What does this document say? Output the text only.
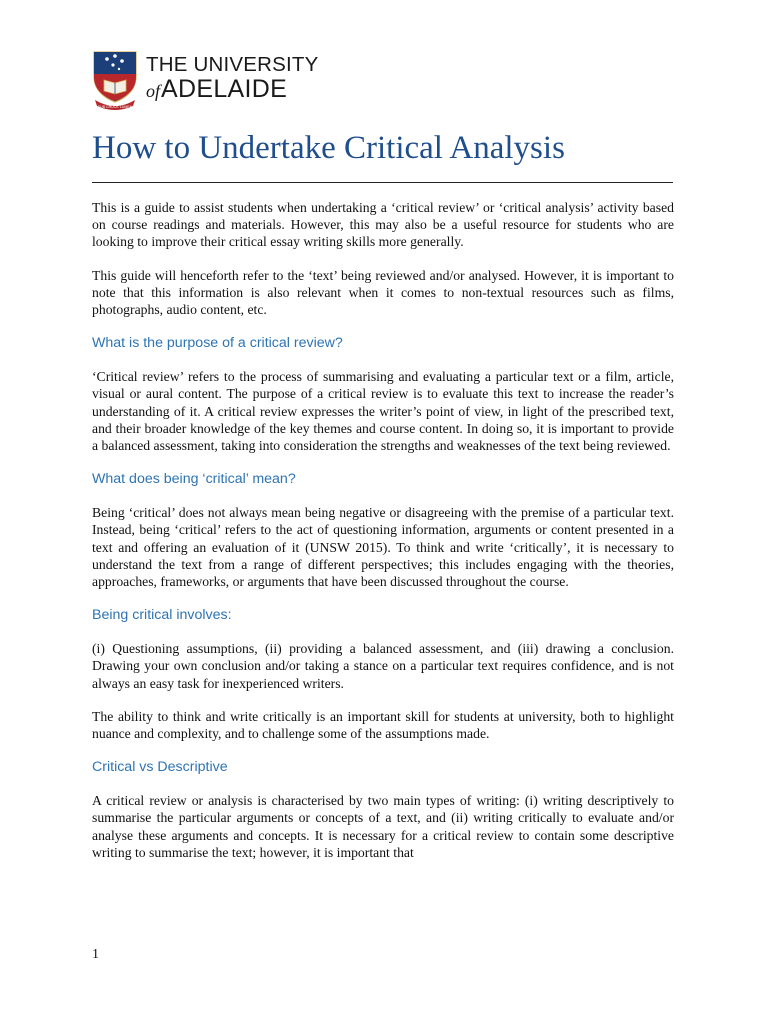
SUB CRUCE LUMEN
THE UNIVERSITY
ofADELAIDE
How to Undertake Critical Analysis

This is a guide to assist students when undertaking a ‘critical review’ or ‘critical analysis’ activity based on course readings and materials. However, this may also be a useful resource for students who are looking to improve their critical essay writing skills more generally.

This guide will henceforth refer to the ‘text’ being reviewed and/or analysed. However, it is important to note that this information is also relevant when it comes to non-textual resources such as films, photographs, audio content, etc.

What is the purpose of a critical review?

‘Critical review’ refers to the process of summarising and evaluating a particular text or a film, article, visual or aural content. The purpose of a critical review is to evaluate this text to increase the reader’s understanding of it. A critical review expresses the writer’s point of view, in light of the prescribed text, and their broader knowledge of the key themes and course content. In doing so, it is important to provide a balanced assessment, taking into consideration the strengths and weaknesses of the text being reviewed.

What does being ‘critical’ mean?

Being ‘critical’ does not always mean being negative or disagreeing with the premise of a particular text. Instead, being ‘critical’ refers to the act of questioning information, arguments or content presented in a text and offering an evaluation of it (UNSW 2015). To think and write ‘critically’, it is necessary to understand the text from a range of different perspectives; this includes engaging with the theories, approaches, frameworks, or arguments that have been discussed throughout the course.

Being critical involves:

(i) Questioning assumptions, (ii) providing a balanced assessment, and (iii) drawing a conclusion. Drawing your own conclusion and/or taking a stance on a particular text requires confidence, and is not always an easy task for inexperienced writers.

The ability to think and write critically is an important skill for students at university, both to highlight nuance and complexity, and to challenge some of the assumptions made.

Critical vs Descriptive

A critical review or analysis is characterised by two main types of writing: (i) writing descriptively to summarise the particular arguments or concepts of a text, and (ii) writing critically to evaluate and/or analyse these arguments and concepts. It is necessary for a critical review to contain some descriptive writing to summarise the text; however, it is important that

1
